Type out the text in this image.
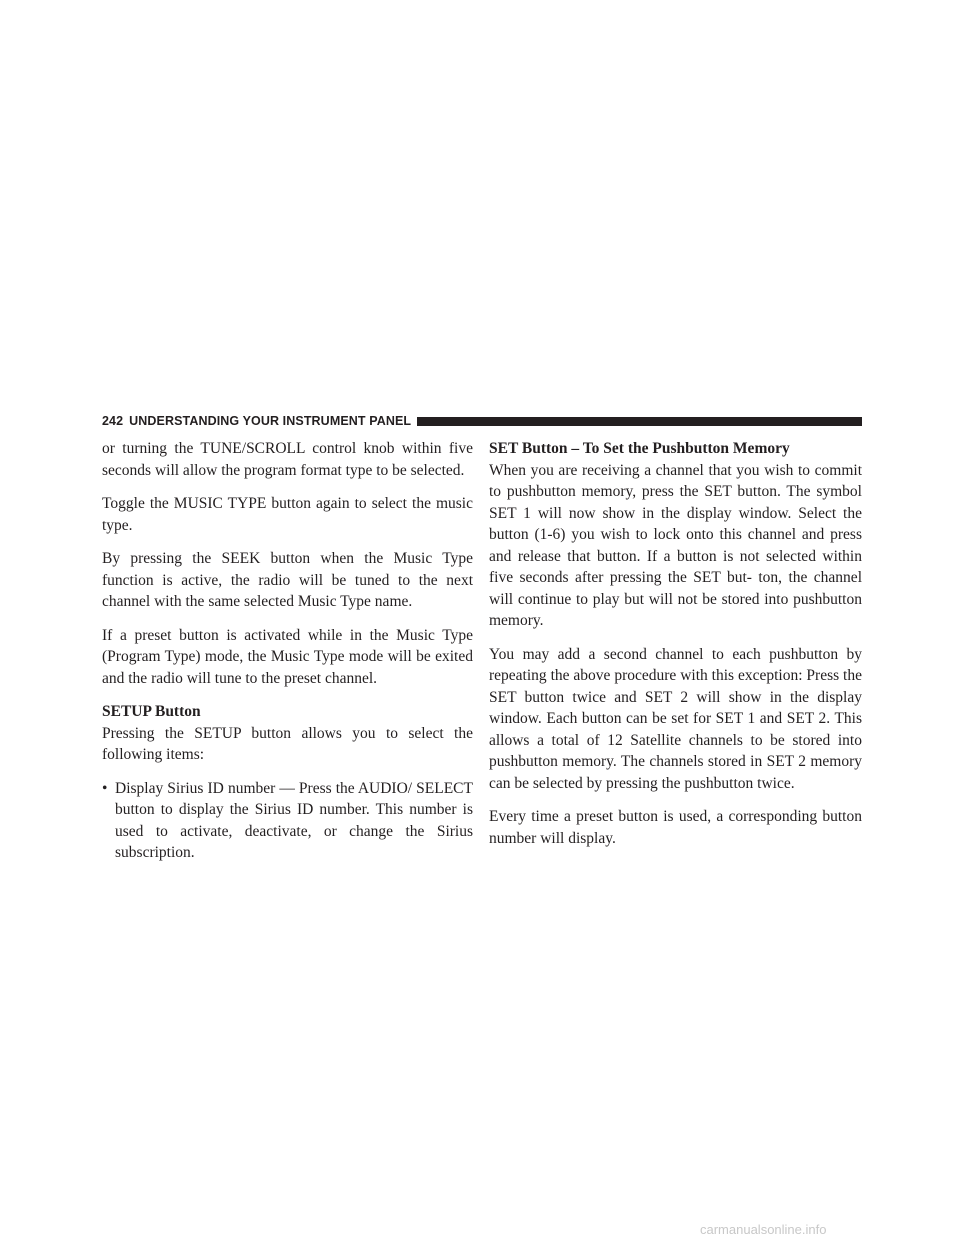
242 UNDERSTANDING YOUR INSTRUMENT PANEL

or turning the TUNE/SCROLL control knob within five seconds will allow the program format type to be selected.

Toggle the MUSIC TYPE button again to select the music type.

By pressing the SEEK button when the Music Type function is active, the radio will be tuned to the next channel with the same selected Music Type name.

If a preset button is activated while in the Music Type (Program Type) mode, the Music Type mode will be exited and the radio will tune to the preset channel.

SETUP Button

Pressing the SETUP button allows you to select the following items:

• Display Sirius ID number — Press the AUDIO/ SELECT button to display the Sirius ID number. This number is used to activate, deactivate, or change the Sirius subscription.
SET Button – To Set the Pushbutton Memory

When you are receiving a channel that you wish to commit to pushbutton memory, press the SET button. The symbol SET 1 will now show in the display window. Select the button (1-6) you wish to lock onto this channel and press and release that button. If a button is not selected within five seconds after pressing the SET but- ton, the channel will continue to play but will not be stored into pushbutton memory.

You may add a second channel to each pushbutton by repeating the above procedure with this exception: Press the SET button twice and SET 2 will show in the display window. Each button can be set for SET 1 and SET 2. This allows a total of 12 Satellite channels to be stored into pushbutton memory. The channels stored in SET 2 memory can be selected by pressing the pushbutton twice.

Every time a preset button is used, a corresponding button number will display.

carmanualsonline.info
